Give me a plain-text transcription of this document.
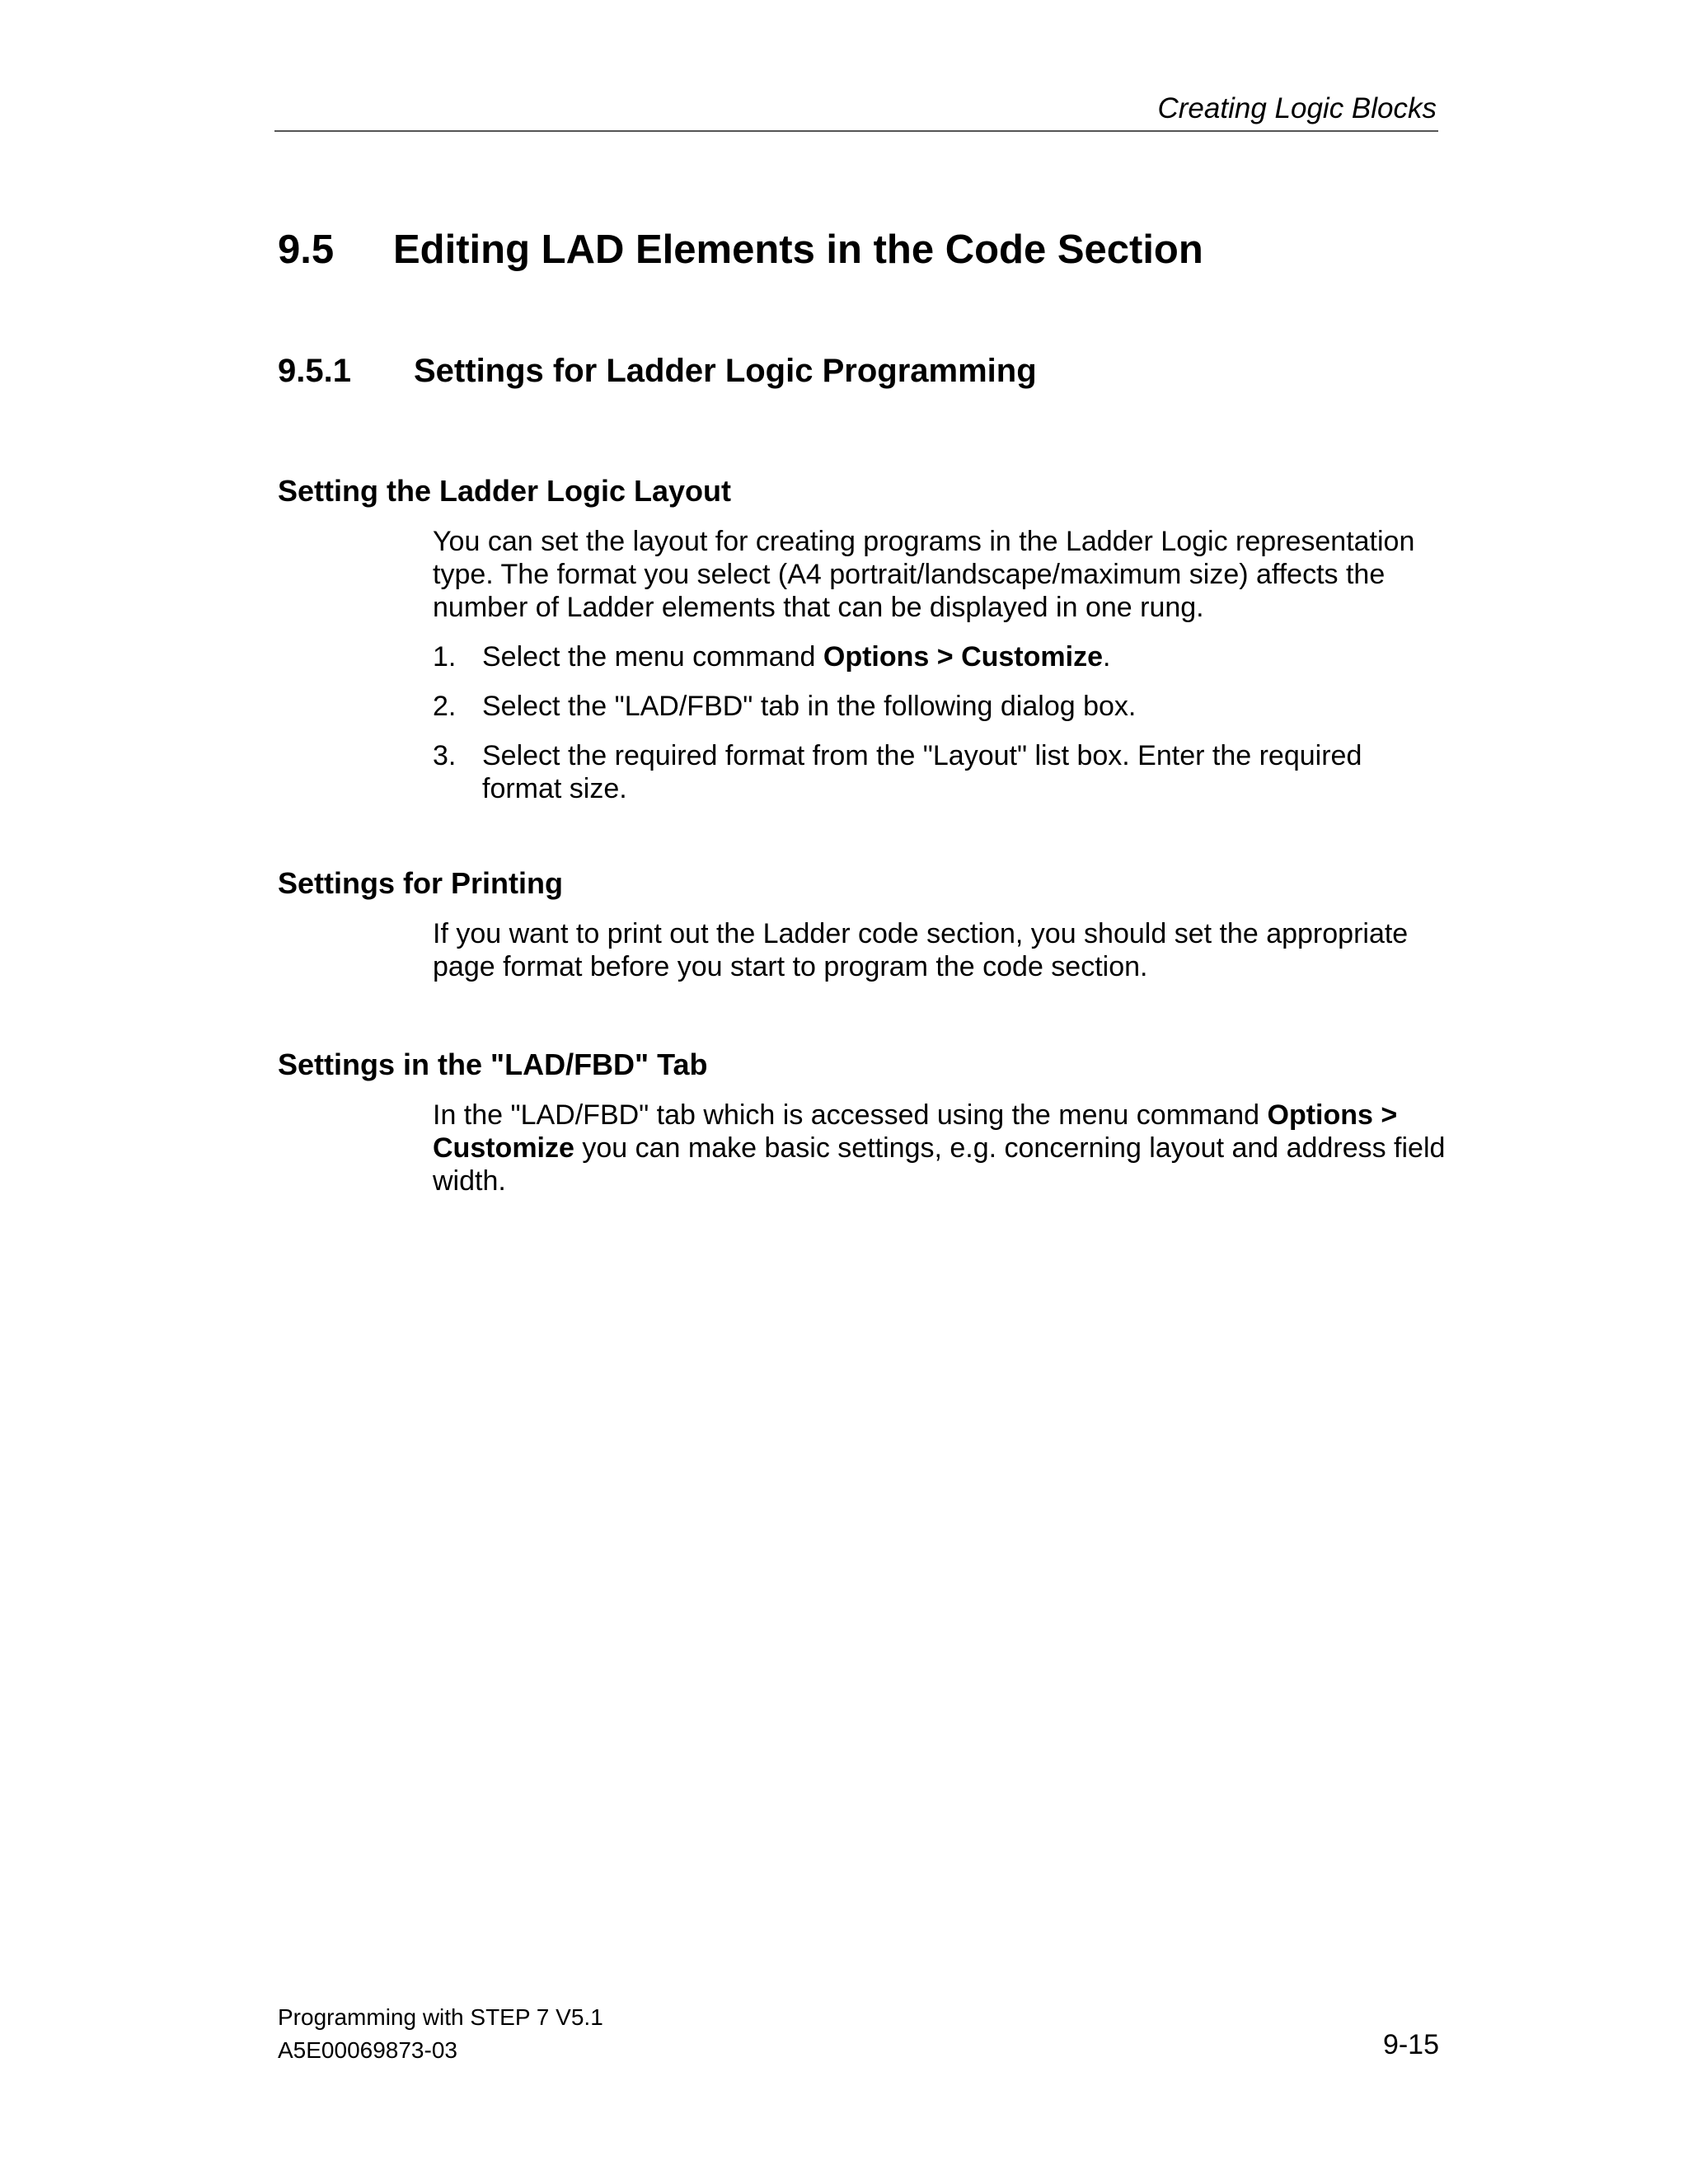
Creating Logic Blocks
9.5 Editing LAD Elements in the Code Section
9.5.1 Settings for Ladder Logic Programming
Setting the Ladder Logic Layout

You can set the layout for creating programs in the Ladder Logic representation type. The format you select (A4 portrait/landscape/maximum size) affects the number of Ladder elements that can be displayed in one rung.

1. Select the menu command Options > Customize.
2. Select the "LAD/FBD" tab in the following dialog box.
3. Select the required format from the "Layout" list box. Enter the required format size.
Settings for Printing

If you want to print out the Ladder code section, you should set the appropriate page format before you start to program the code section.

Settings in the "LAD/FBD" Tab

In the "LAD/FBD" tab which is accessed using the menu command Options > Customize you can make basic settings, e.g. concerning layout and address field width.

Programming with STEP 7 V5.1
A5E00069873-03	9-15
